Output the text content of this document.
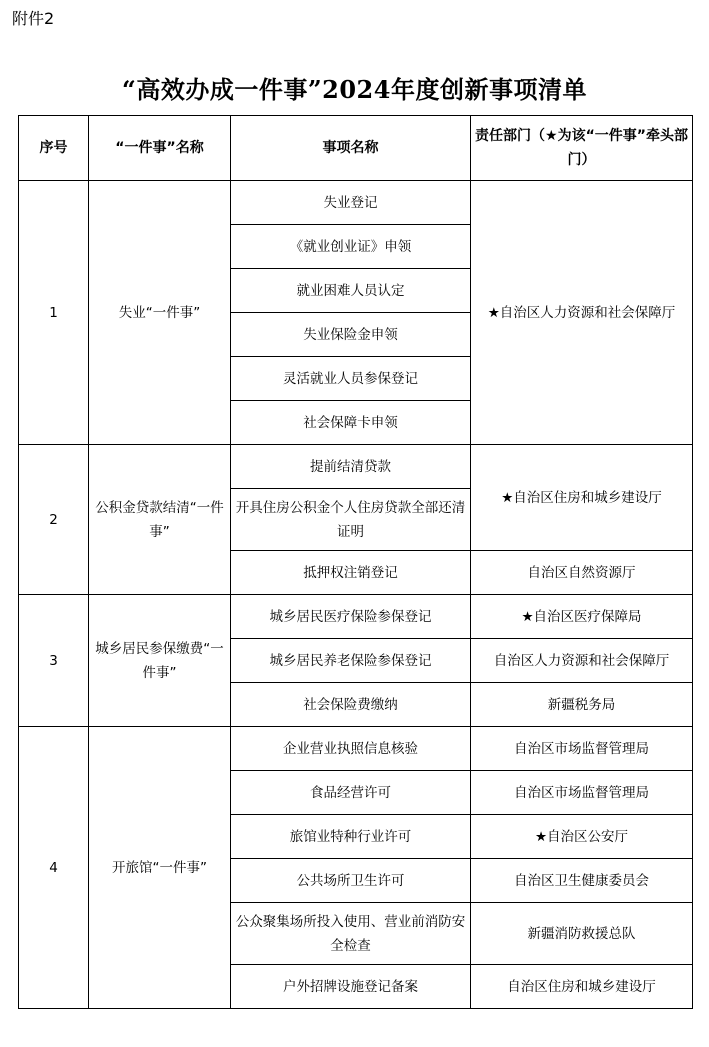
附件2
“高效办成一件事”2024年度创新事项清单
序号	“一件事”名称	事项名称	责任部门（★为该“一件事”牵头部门）
1	失业“一件事”	失业登记	★自治区人力资源和社会保障厅
		《就业创业证》申领	
		就业困难人员认定	
		失业保险金申领	
		灵活就业人员参保登记	
		社会保障卡申领	
2	公积金贷款结清“一件事”	提前结清贷款	★自治区住房和城乡建设厅
		开具住房公积金个人住房贷款全部还清证明	
		抵押权注销登记	自治区自然资源厅
3	城乡居民参保缴费“一件事”	城乡居民医疗保险参保登记	★自治区医疗保障局
		城乡居民养老保险参保登记	自治区人力资源和社会保障厅
		社会保险费缴纳	新疆税务局
4	开旅馆“一件事”	企业营业执照信息核验	自治区市场监督管理局
		食品经营许可	自治区市场监督管理局
		旅馆业特种行业许可	★自治区公安厅
		公共场所卫生许可	自治区卫生健康委员会
		公众聚集场所投入使用、营业前消防安全检查	新疆消防救援总队
		户外招牌设施登记备案	自治区住房和城乡建设厅
